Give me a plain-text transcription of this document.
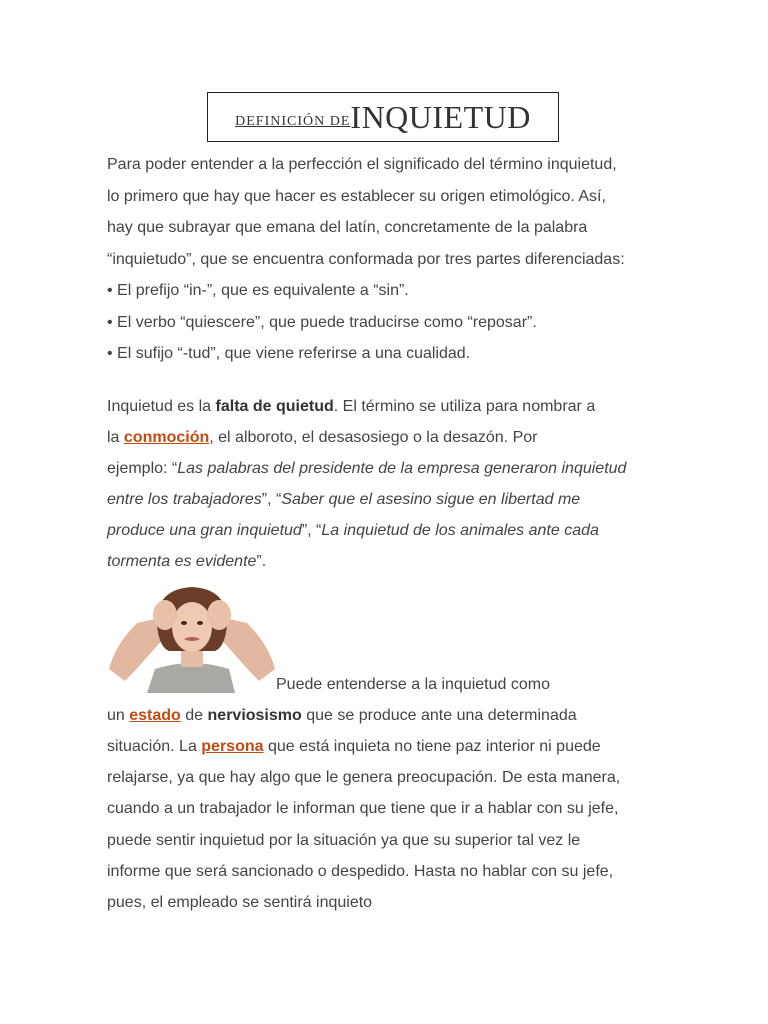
DEFINICIÓN DE INQUIETUD
Para poder entender a la perfección el significado del término inquietud,
lo primero que hay que hacer es establecer su origen etimológico. Así,
hay que subrayar que emana del latín, concretamente de la palabra
“inquietudo”, que se encuentra conformada por tres partes diferenciadas:
• El prefijo “in-”, que es equivalente a “sin”.
• El verbo “quiescere”, que puede traducirse como “reposar”.
• El sufijo “-tud”, que viene referirse a una cualidad.
Inquietud es la falta de quietud. El término se utiliza para nombrar a
la conmoción, el alboroto, el desasosiego o la desazón. Por
ejemplo: “Las palabras del presidente de la empresa generaron inquietud
entre los trabajadores”, “Saber que el asesino sigue en libertad me
produce una gran inquietud”, “La inquietud de los animales ante cada
tormenta es evidente”.
Puede entenderse a la inquietud como
un estado de nerviosismo que se produce ante una determinada
situación. La persona que está inquieta no tiene paz interior ni puede
relajarse, ya que hay algo que le genera preocupación. De esta manera,
cuando a un trabajador le informan que tiene que ir a hablar con su jefe,
puede sentir inquietud por la situación ya que su superior tal vez le
informe que será sancionado o despedido. Hasta no hablar con su jefe,
pues, el empleado se sentirá inquieto
